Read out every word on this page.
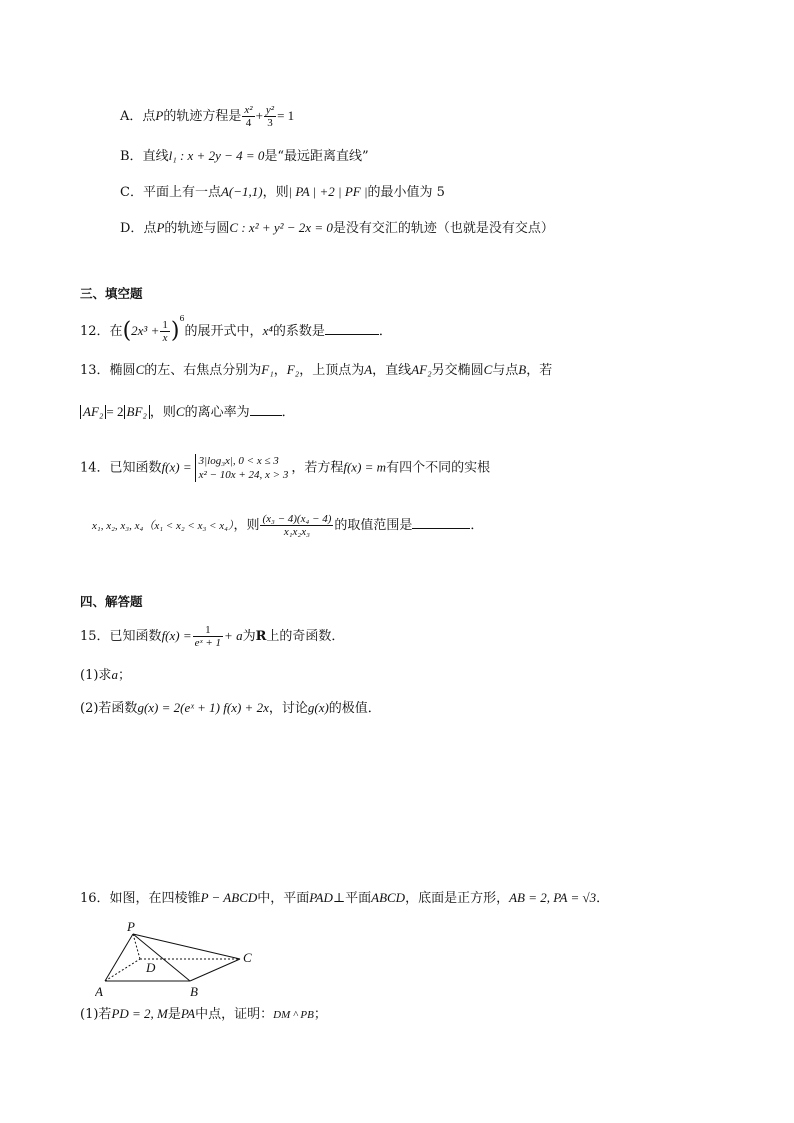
A．点P的轨迹方程是 $\frac{\text{x²}}{4} + \frac{\text{y²}}{3} = 1$
B．直线l₁ : x + 2y − 4 = 0是“最远距离直线”
C．平面上有一点A(−1,1)，则| PA | +2 | PF |的最小值为 5
D．点P的轨迹与圆C : x² + y² − 2x = 0是没有交汇的轨迹（也就是没有交点）
三、填空题
12．在$(2x^3 + \frac{1}{x} )^6$的展开式中，x⁴的系数是	．
13．椭圆C的左、右焦点分别为F₁，F₂，上顶点为A，直线AF₂另交椭圆C与点B，若
AF₂ = 2 BF₂ ，则C的离心率为 ．
14．已知函数f(x) = 3|log₃x|, 0 < x ≤ 3
x² − 10x + 24, x > 3 ，若方程f(x) = m有四个不同的实根
x₁, x₂, x₃, x₄（x₁ < x₂ < x₃ < x₄），则 $\frac{\text{(x₃ − 4)(x₄ − 4)}}{\text{x₁x₂x₃}}$ 的取值范围是	．
四、解答题
15．已知函数$f(x) = \frac{1}{\text{eˣ + 1}} + a$为R上的奇函数．
(1)求a；
(2)若函数g(x) = 2(eˣ + 1) f(x) + 2x，讨论g(x)的极值．
16．如图，在四棱锥P − ABCD中，平面PAD⊥平面ABCD，底面是正方形，AB = 2, PA = √3．
P
A	B
C
D
(1)若PD = 2, M是PA中点，证明：DM ^ PB；
